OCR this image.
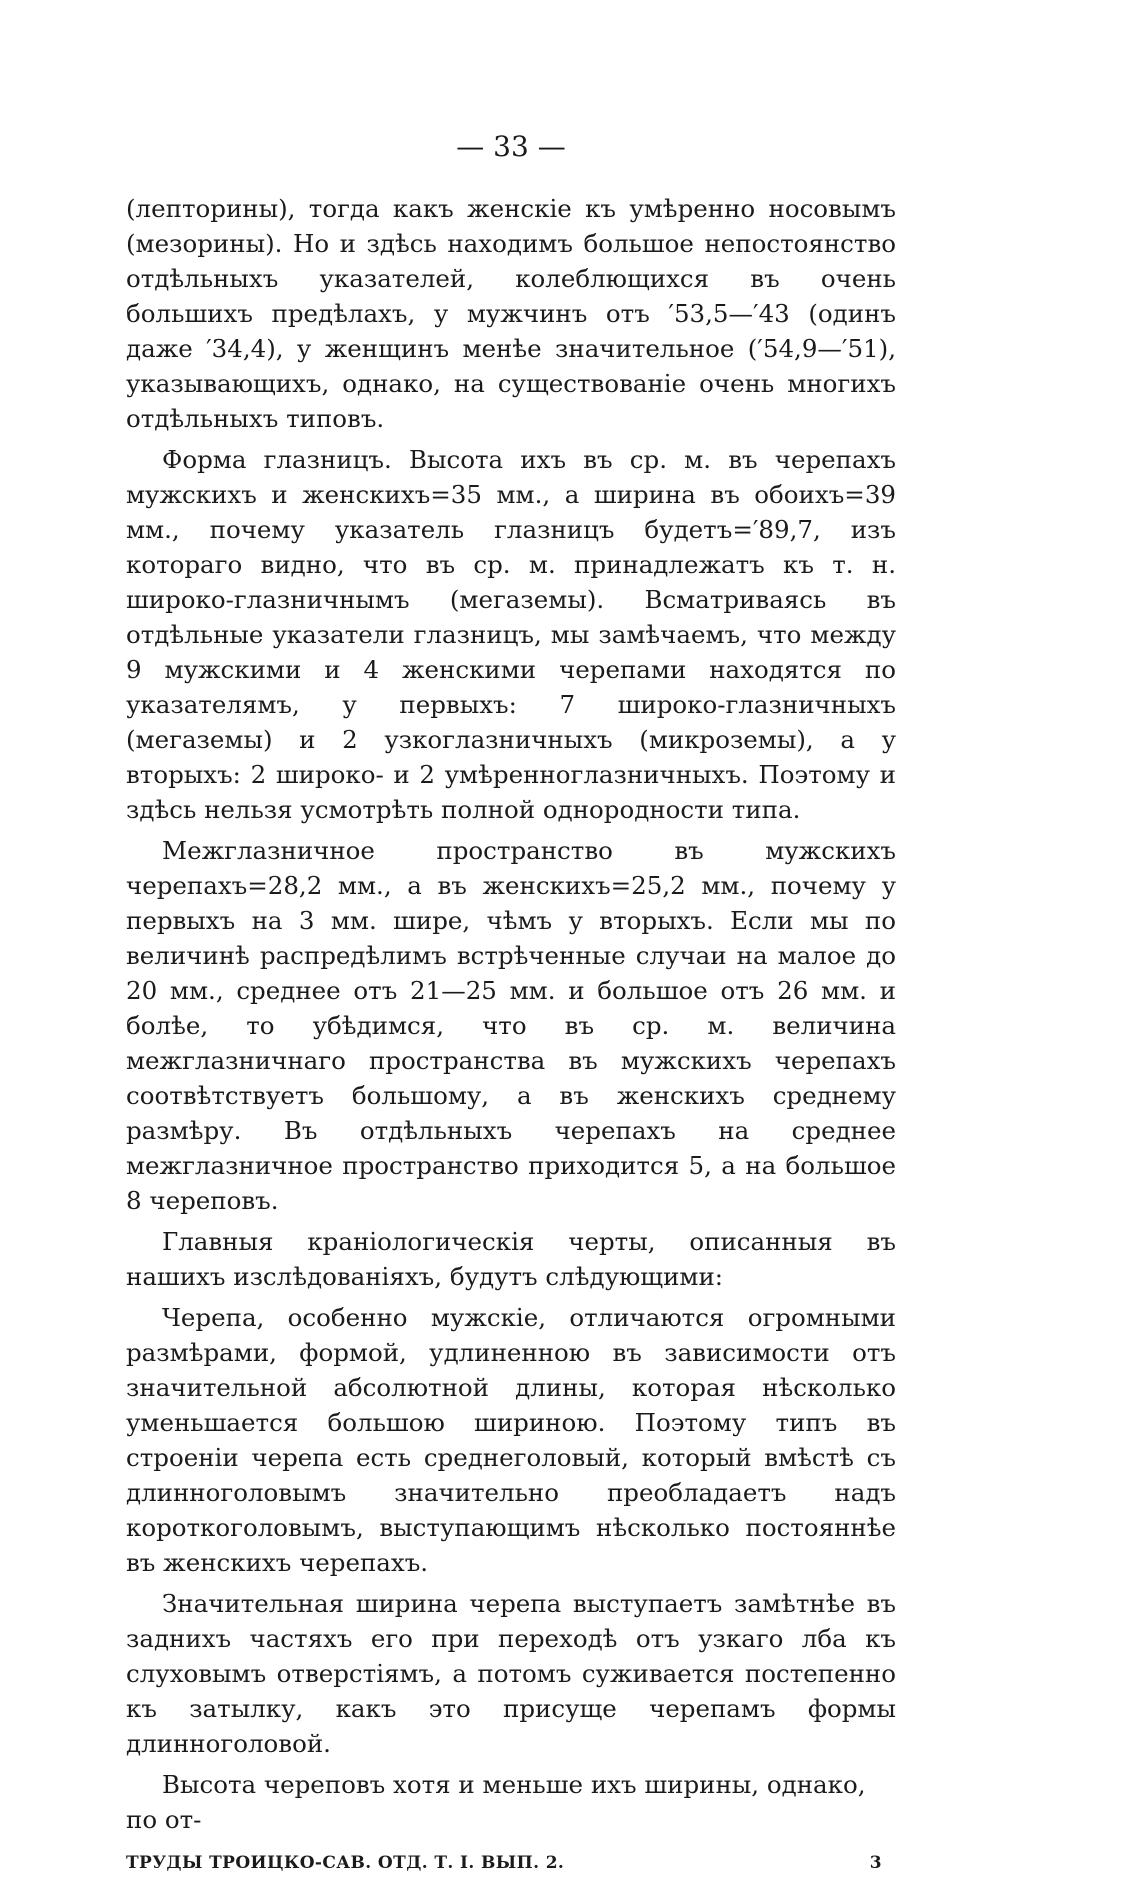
— 33 —

(лепторины), тогда какъ женскіе къ умѣренно носовымъ (мезорины). Но и здѣсь находимъ большое непостоянство отдѣльныхъ указателей, колеблющихся въ очень большихъ предѣлахъ, у мужчинъ отъ ′53,5—′43 (одинъ даже ′34,4), у женщинъ менѣе значительное (′54,9—′51), указывающихъ, однако, на существованіе очень многихъ отдѣльныхъ типовъ.

Форма глазницъ. Высота ихъ въ ср. м. въ черепахъ мужскихъ и женскихъ=35 мм., а ширина въ обоихъ=39 мм., почему указатель глазницъ будетъ=′89,7, изъ котораго видно, что въ ср. м. принадлежатъ къ т. н. широко-глазничнымъ (мегаземы). Всматриваясь въ отдѣльные указатели глазницъ, мы замѣчаемъ, что между 9 мужскими и 4 женскими черепами находятся по указателямъ, у первыхъ: 7 широко-глазничныхъ (мегаземы) и 2 узкоглазничныхъ (микроземы), а у вторыхъ: 2 широко- и 2 умѣренноглазничныхъ. Поэтому и здѣсь нельзя усмотрѣть полной однородности типа.

Межглазничное пространство въ мужскихъ черепахъ=28,2 мм., а въ женскихъ=25,2 мм., почему у первыхъ на 3 мм. шире, чѣмъ у вторыхъ. Если мы по величинѣ распредѣлимъ встрѣченные случаи на малое до 20 мм., среднее отъ 21—25 мм. и большое отъ 26 мм. и болѣе, то убѣдимся, что въ ср. м. величина межглазничнаго пространства въ мужскихъ черепахъ соотвѣтствуетъ большому, а въ женскихъ среднему размѣру. Въ отдѣльныхъ черепахъ на среднее межглазничное пространство приходится 5, а на большое 8 череповъ.

Главныя краніологическія черты, описанныя въ нашихъ изслѣдованіяхъ, будутъ слѣдующими:

Черепа, особенно мужскіе, отличаются огромными размѣрами, формой, удлиненною въ зависимости отъ значительной абсолютной длины, которая нѣсколько уменьшается большою шириною. Поэтому типъ въ строеніи черепа есть среднеголовый, который вмѣстѣ съ длинноголовымъ значительно преобладаетъ надъ короткоголовымъ, выступающимъ нѣсколько постояннѣе въ женскихъ черепахъ.

Значительная ширина черепа выступаетъ замѣтнѣе въ заднихъ частяхъ его при переходѣ отъ узкаго лба къ слуховымъ отверстіямъ, а потомъ суживается постепенно къ затылку, какъ это присуще черепамъ формы длинноголовой.

Высота череповъ хотя и меньше ихъ ширины, однако, по от-

ТРУДЫ ТРОИЦКО-САВ. ОТД. Т. I. ВЫП. 2.	3
